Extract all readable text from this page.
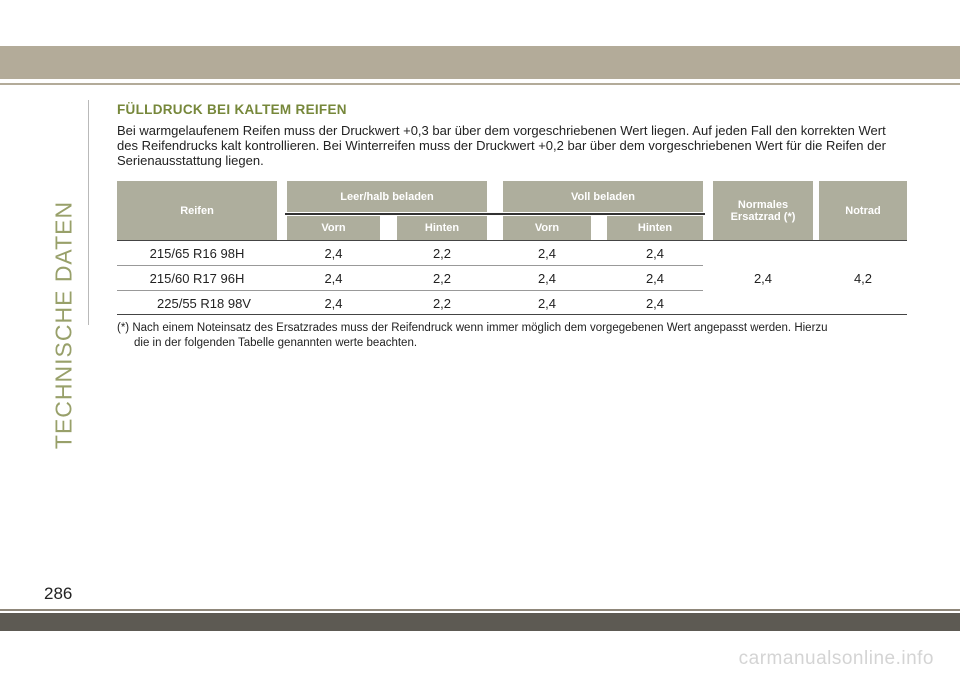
TECHNISCHE DATEN
FÜLLDRUCK BEI KALTEM REIFEN
Bei warmgelaufenem Reifen muss der Druckwert +0,3 bar über dem vorgeschriebenen Wert liegen. Auf jeden Fall den korrekten Wert des Reifendrucks kalt kontrollieren. Bei Winterreifen muss der Druckwert +0,2 bar über dem vorgeschriebenen Wert für die Reifen der Serienausstattung liegen.
Reifen
Leer/halb beladen	Voll beladen
Normales Ersatzrad (*)	Notrad
Vorn	Hinten	Vorn	Hinten
215/65 R16 98H	2,4	2,2	2,4	2,4
215/60 R17 96H	2,4	2,2	2,4	2,4
225/55 R18 98V	2,4	2,2	2,4	2,4
2,4	4,2
(*) Nach einem Noteinsatz des Ersatzrades muss der Reifendruck wenn immer möglich dem vorgegebenen Wert angepasst werden. Hierzu
die in der folgenden Tabelle genannten werte beachten.
286
carmanualsonline.info
